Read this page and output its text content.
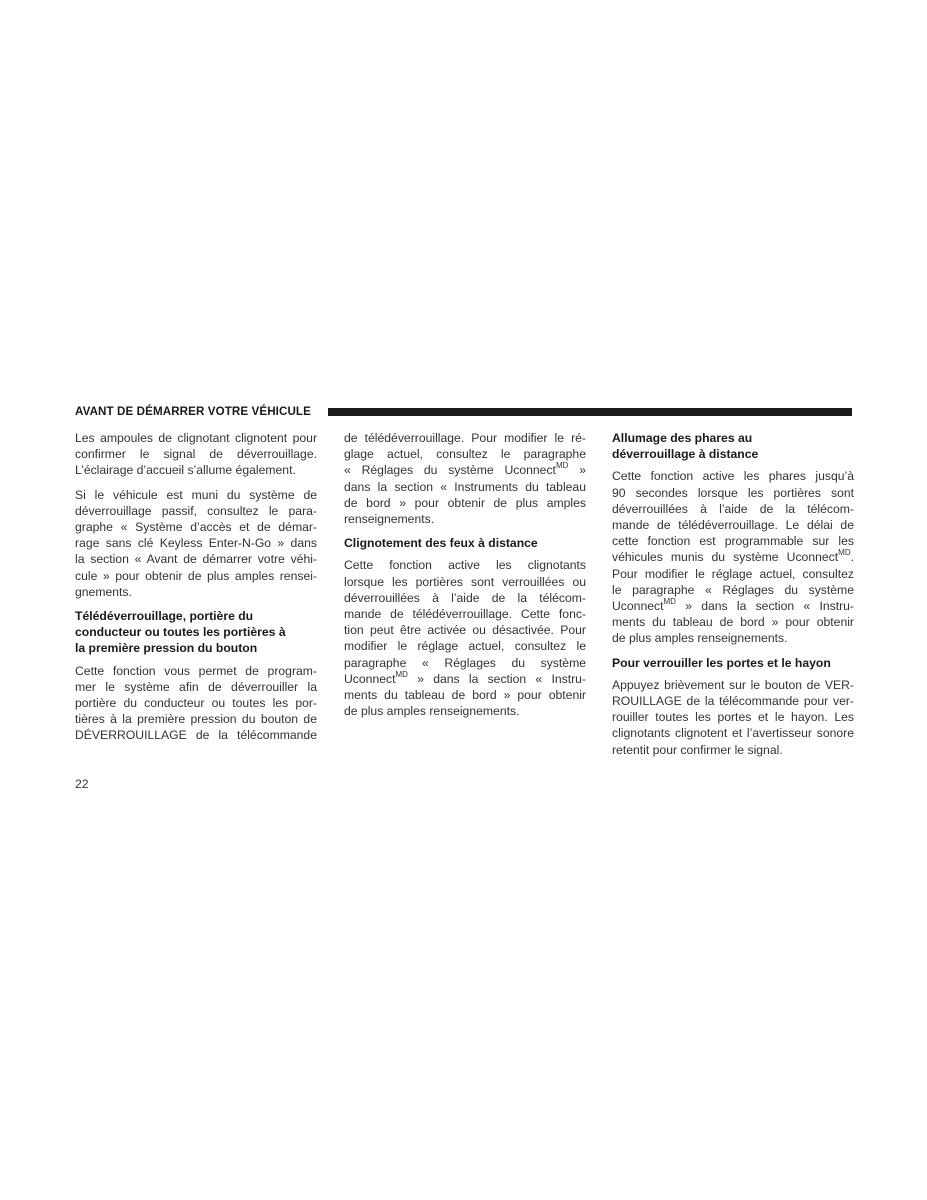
AVANT DE DÉMARRER VOTRE VÉHICULE
Les ampoules de clignotant clignotent pour
confirmer le signal de déverrouillage.
L’éclairage d’accueil s’allume également.
Si le véhicule est muni du système de
déverrouillage passif, consultez le para-
graphe « Système d’accès et de démar-
rage sans clé Keyless Enter-N-Go » dans
la section « Avant de démarrer votre véhi-
cule » pour obtenir de plus amples rensei-
gnements.
Télédéverrouillage, portière du
conducteur ou toutes les portières à
la première pression du bouton
Cette fonction vous permet de program-
mer le système afin de déverrouiller la
portière du conducteur ou toutes les por-
tières à la première pression du bouton de
DÉVERROUILLAGE de la télécommande
de télédéverrouillage. Pour modifier le ré-
glage actuel, consultez le paragraphe
« Réglages du système Uconnect$^{MD}$ »
dans la section « Instruments du tableau
de bord » pour obtenir de plus amples
renseignements.
Clignotement des feux à distance
Cette fonction active les clignotants
lorsque les portières sont verrouillées ou
déverrouillées à l’aide de la télécom-
mande de télédéverrouillage. Cette fonc-
tion peut être activée ou désactivée. Pour
modifier le réglage actuel, consultez le
paragraphe « Réglages du système
Uconnect$^{MD}$ » dans la section « Instru-
ments du tableau de bord » pour obtenir
de plus amples renseignements.
Allumage des phares au
déverrouillage à distance
Cette fonction active les phares jusqu’à
90 secondes lorsque les portières sont
déverrouillées à l’aide de la télécom-
mande de télédéverrouillage. Le délai de
cette fonction est programmable sur les
véhicules munis du système Uconnect$^{MD}$.
Pour modifier le réglage actuel, consultez
le paragraphe « Réglages du système
Uconnect$^{MD}$ » dans la section « Instru-
ments du tableau de bord » pour obtenir
de plus amples renseignements.
Pour verrouiller les portes et le hayon
Appuyez brièvement sur le bouton de VER-
ROUILLAGE de la télécommande pour ver-
rouiller toutes les portes et le hayon. Les
clignotants clignotent et l’avertisseur sonore
retentit pour confirmer le signal.
22
